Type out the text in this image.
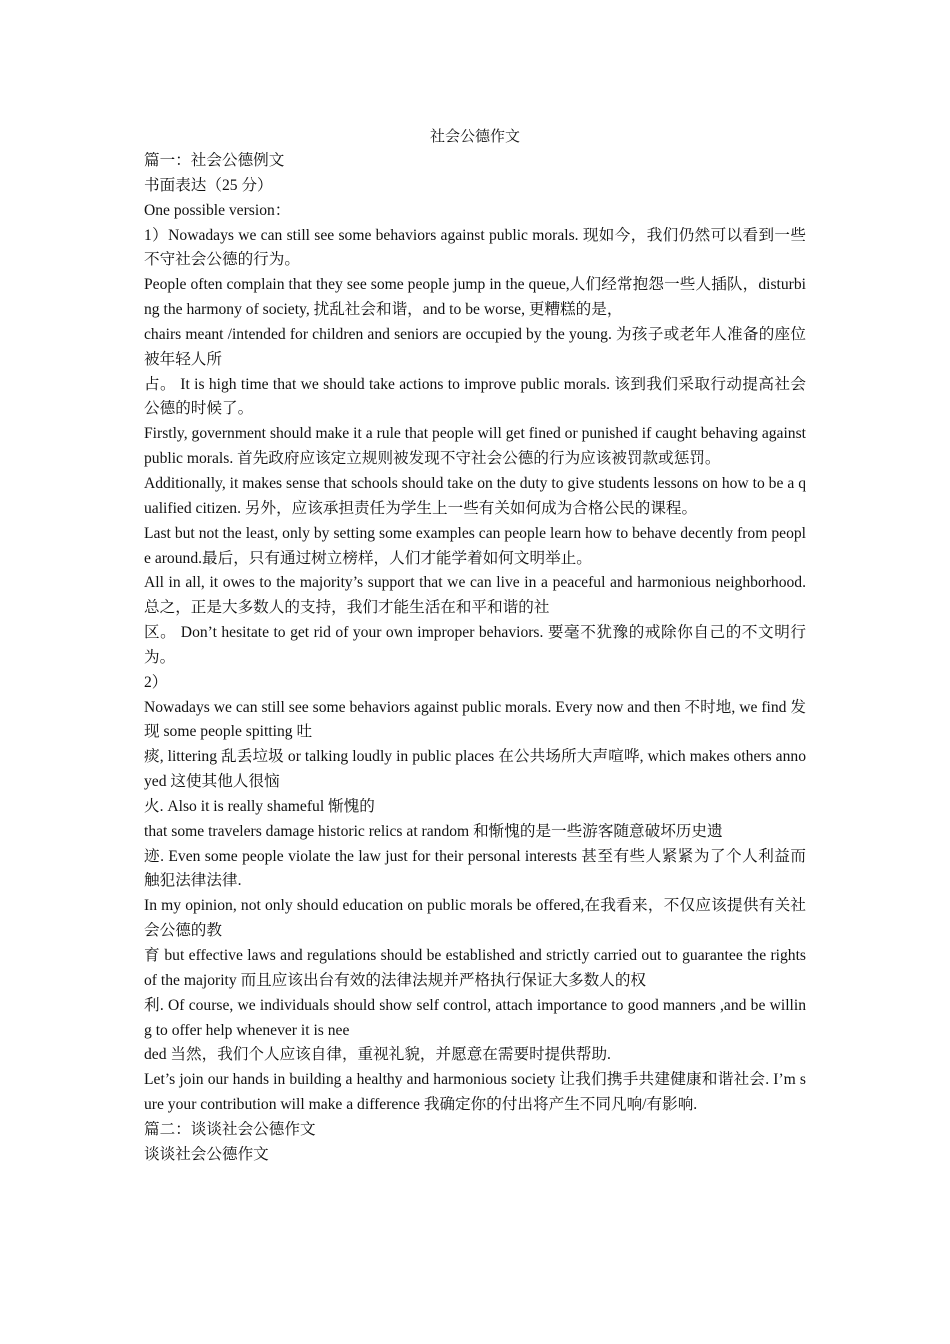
社会公德作文

篇一：社会公德例文

书面表达（25 分）

One possible version：

1）Nowadays we can still see some behaviors against public morals. 现如今，我们仍然可以看到一些不守社会公德的行为。

People often complain that they see some people jump in the queue,人们经常抱怨一些人插队，disturbing the harmony of society, 扰乱社会和谐，and to be worse, 更糟糕的是，

chairs meant /intended for children and seniors are occupied by the young. 为孩子或老年人准备的座位被年轻人所

占。 It is high time that we should take actions to improve public morals. 该到我们采取行动提高社会公德的时候了。

Firstly, government should make it a rule that people will get fined or punished if caught behaving against public morals. 首先政府应该定立规则被发现不守社会公德的行为应该被罚款或惩罚。

Additionally, it makes sense that schools should take on the duty to give students lessons on how to be a qualified citizen. 另外，应该承担责任为学生上一些有关如何成为合格公民的课程。

Last but not the least, only by setting some examples can people learn how to behave decently from people around.最后，只有通过树立榜样，人们才能学着如何文明举止。

All in all, it owes to the majority’s support that we can live in a peaceful and harmonious neighborhood.总之，正是大多数人的支持，我们才能生活在和平和谐的社

区。 Don’t hesitate to get rid of your own improper behaviors. 要毫不犹豫的戒除你自己的不文明行为。

2）

Nowadays we can still see some behaviors against public morals. Every now and then 不时地, we find 发现 some people spitting 吐

痰, littering 乱丢垃圾 or talking loudly in public places 在公共场所大声喧哗, which makes others annoyed 这使其他人很恼

火. Also it is really shameful 惭愧的

that some travelers damage historic relics at random 和惭愧的是一些游客随意破坏历史遗

迹. Even some people violate the law just for their personal interests 甚至有些人紧紧为了个人利益而触犯法律法律.

In my opinion, not only should education on public morals be offered,在我看来，不仅应该提供有关社会公德的教

育 but effective laws and regulations should be established and strictly carried out to guarantee the rights of the majority 而且应该出台有效的法律法规并严格执行保证大多数人的权

利. Of course, we individuals should show self control, attach importance to good manners ,and be willing to offer help whenever it is nee

ded 当然，我们个人应该自律，重视礼貌，并愿意在需要时提供帮助.

Let’s join our hands in building a healthy and harmonious society 让我们携手共建健康和谐社会. I’m sure your contribution will make a difference 我确定你的付出将产生不同凡响/有影响.

篇二：谈谈社会公德作文

谈谈社会公德作文
